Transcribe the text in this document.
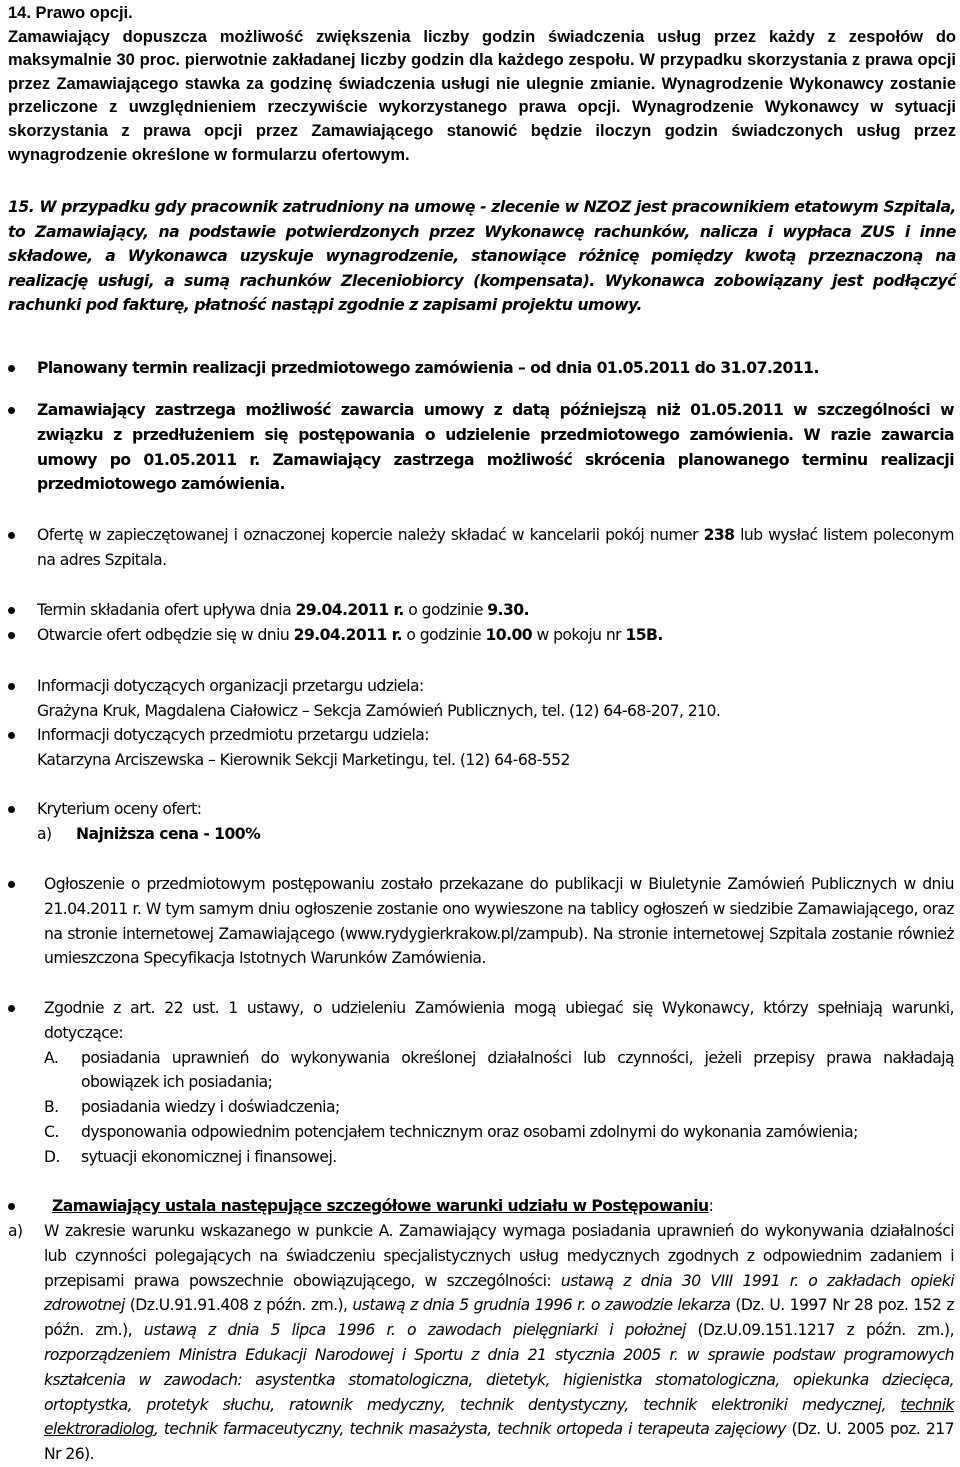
14. Prawo opcji.
Zamawiający dopuszcza możliwość zwiększenia liczby godzin świadczenia usług przez każdy z zespołów do maksymalnie 30 proc. pierwotnie zakładanej liczby godzin dla każdego zespołu. W przypadku skorzystania z prawa opcji przez Zamawiającego stawka za godzinę świadczenia usługi nie ulegnie zmianie. Wynagrodzenie Wykonawcy zostanie przeliczone z uwzględnieniem rzeczywiście wykorzystanego prawa opcji. Wynagrodzenie Wykonawcy w sytuacji skorzystania z prawa opcji przez Zamawiającego stanowić będzie iloczyn godzin świadczonych usług przez wynagrodzenie określone w formularzu ofertowym.
15. W przypadku gdy pracownik zatrudniony na umowę - zlecenie w NZOZ jest pracownikiem etatowym Szpitala, to Zamawiający, na podstawie potwierdzonych przez Wykonawcę rachunków, nalicza i wypłaca ZUS i inne składowe, a Wykonawca uzyskuje wynagrodzenie, stanowiące różnicę pomiędzy kwotą przeznaczoną na realizację usługi, a sumą rachunków Zleceniobiorcy (kompensata). Wykonawca zobowiązany jest podłączyć rachunki pod fakturę, płatność nastąpi zgodnie z zapisami projektu umowy.
Planowany termin realizacji przedmiotowego zamówienia – od dnia 01.05.2011 do 31.07.2011.
Zamawiający zastrzega możliwość zawarcia umowy z datą późniejszą niż 01.05.2011 w szczególności w związku z przedłużeniem się postępowania o udzielenie przedmiotowego zamówienia. W razie zawarcia umowy po 01.05.2011 r. Zamawiający zastrzega możliwość skrócenia planowanego terminu realizacji przedmiotowego zamówienia.
Ofertę w zapieczętowanej i oznaczonej kopercie należy składać w kancelarii pokój numer 238 lub wysłać listem poleconym na adres Szpitala.
Termin składania ofert upływa dnia 29.04.2011 r. o godzinie 9.30.
Otwarcie ofert odbędzie się w dniu 29.04.2011 r. o godzinie 10.00 w pokoju nr 15B.
Informacji dotyczących organizacji przetargu udziela:
Grażyna Kruk, Magdalena Ciałowicz – Sekcja Zamówień Publicznych, tel. (12) 64-68-207, 210.
Informacji dotyczących przedmiotu przetargu udziela:
Katarzyna Arciszewska – Kierownik Sekcji Marketingu, tel. (12) 64-68-552
Kryterium oceny ofert:
a) Najniższa cena - 100%
Ogłoszenie o przedmiotowym postępowaniu zostało przekazane do publikacji w Biuletynie Zamówień Publicznych w dniu 21.04.2011 r. W tym samym dniu ogłoszenie zostanie ono wywieszone na tablicy ogłoszeń w siedzibie Zamawiającego, oraz na stronie internetowej Zamawiającego (www.rydygierkrakow.pl/zampub). Na stronie internetowej Szpitala zostanie również umieszczona Specyfikacja Istotnych Warunków Zamówienia.
Zgodnie z art. 22 ust. 1 ustawy, o udzieleniu Zamówienia mogą ubiegać się Wykonawcy, którzy spełniają warunki, dotyczące:
A. posiadania uprawnień do wykonywania określonej działalności lub czynności, jeżeli przepisy prawa nakładają obowiązek ich posiadania;
B. posiadania wiedzy i doświadczenia;
C. dysponowania odpowiednim potencjałem technicznym oraz osobami zdolnymi do wykonania zamówienia;
D. sytuacji ekonomicznej i finansowej.
Zamawiający ustala następujące szczegółowe warunki udziału w Postępowaniu:
a) W zakresie warunku wskazanego w punkcie A. Zamawiający wymaga posiadania uprawnień do wykonywania działalności lub czynności polegających na świadczeniu specjalistycznych usług medycznych zgodnych z odpowiednim zadaniem i przepisami prawa powszechnie obowiązującego, w szczególności: ustawą z dnia 30 VIII 1991 r. o zakładach opieki zdrowotnej (Dz.U.91.91.408 z późn. zm.), ustawą z dnia 5 grudnia 1996 r. o zawodzie lekarza (Dz. U. 1997 Nr 28 poz. 152 z późn. zm.), ustawą z dnia 5 lipca 1996 r. o zawodach pielęgniarki i położnej (Dz.U.09.151.1217 z późn. zm.), rozporządzeniem Ministra Edukacji Narodowej i Sportu z dnia 21 stycznia 2005 r. w sprawie podstaw programowych kształcenia w zawodach: asystentka stomatologiczna, dietetyk, higienistka stomatologiczna, opiekunka dziecięca, ortoptystka, protetyk słuchu, ratownik medyczny, technik dentystyczny, technik elektroniki medycznej, technik elektroradiolog, technik farmaceutyczny, technik masażysta, technik ortopeda i terapeuta zajęciowy (Dz. U. 2005 poz. 217 Nr 26).
